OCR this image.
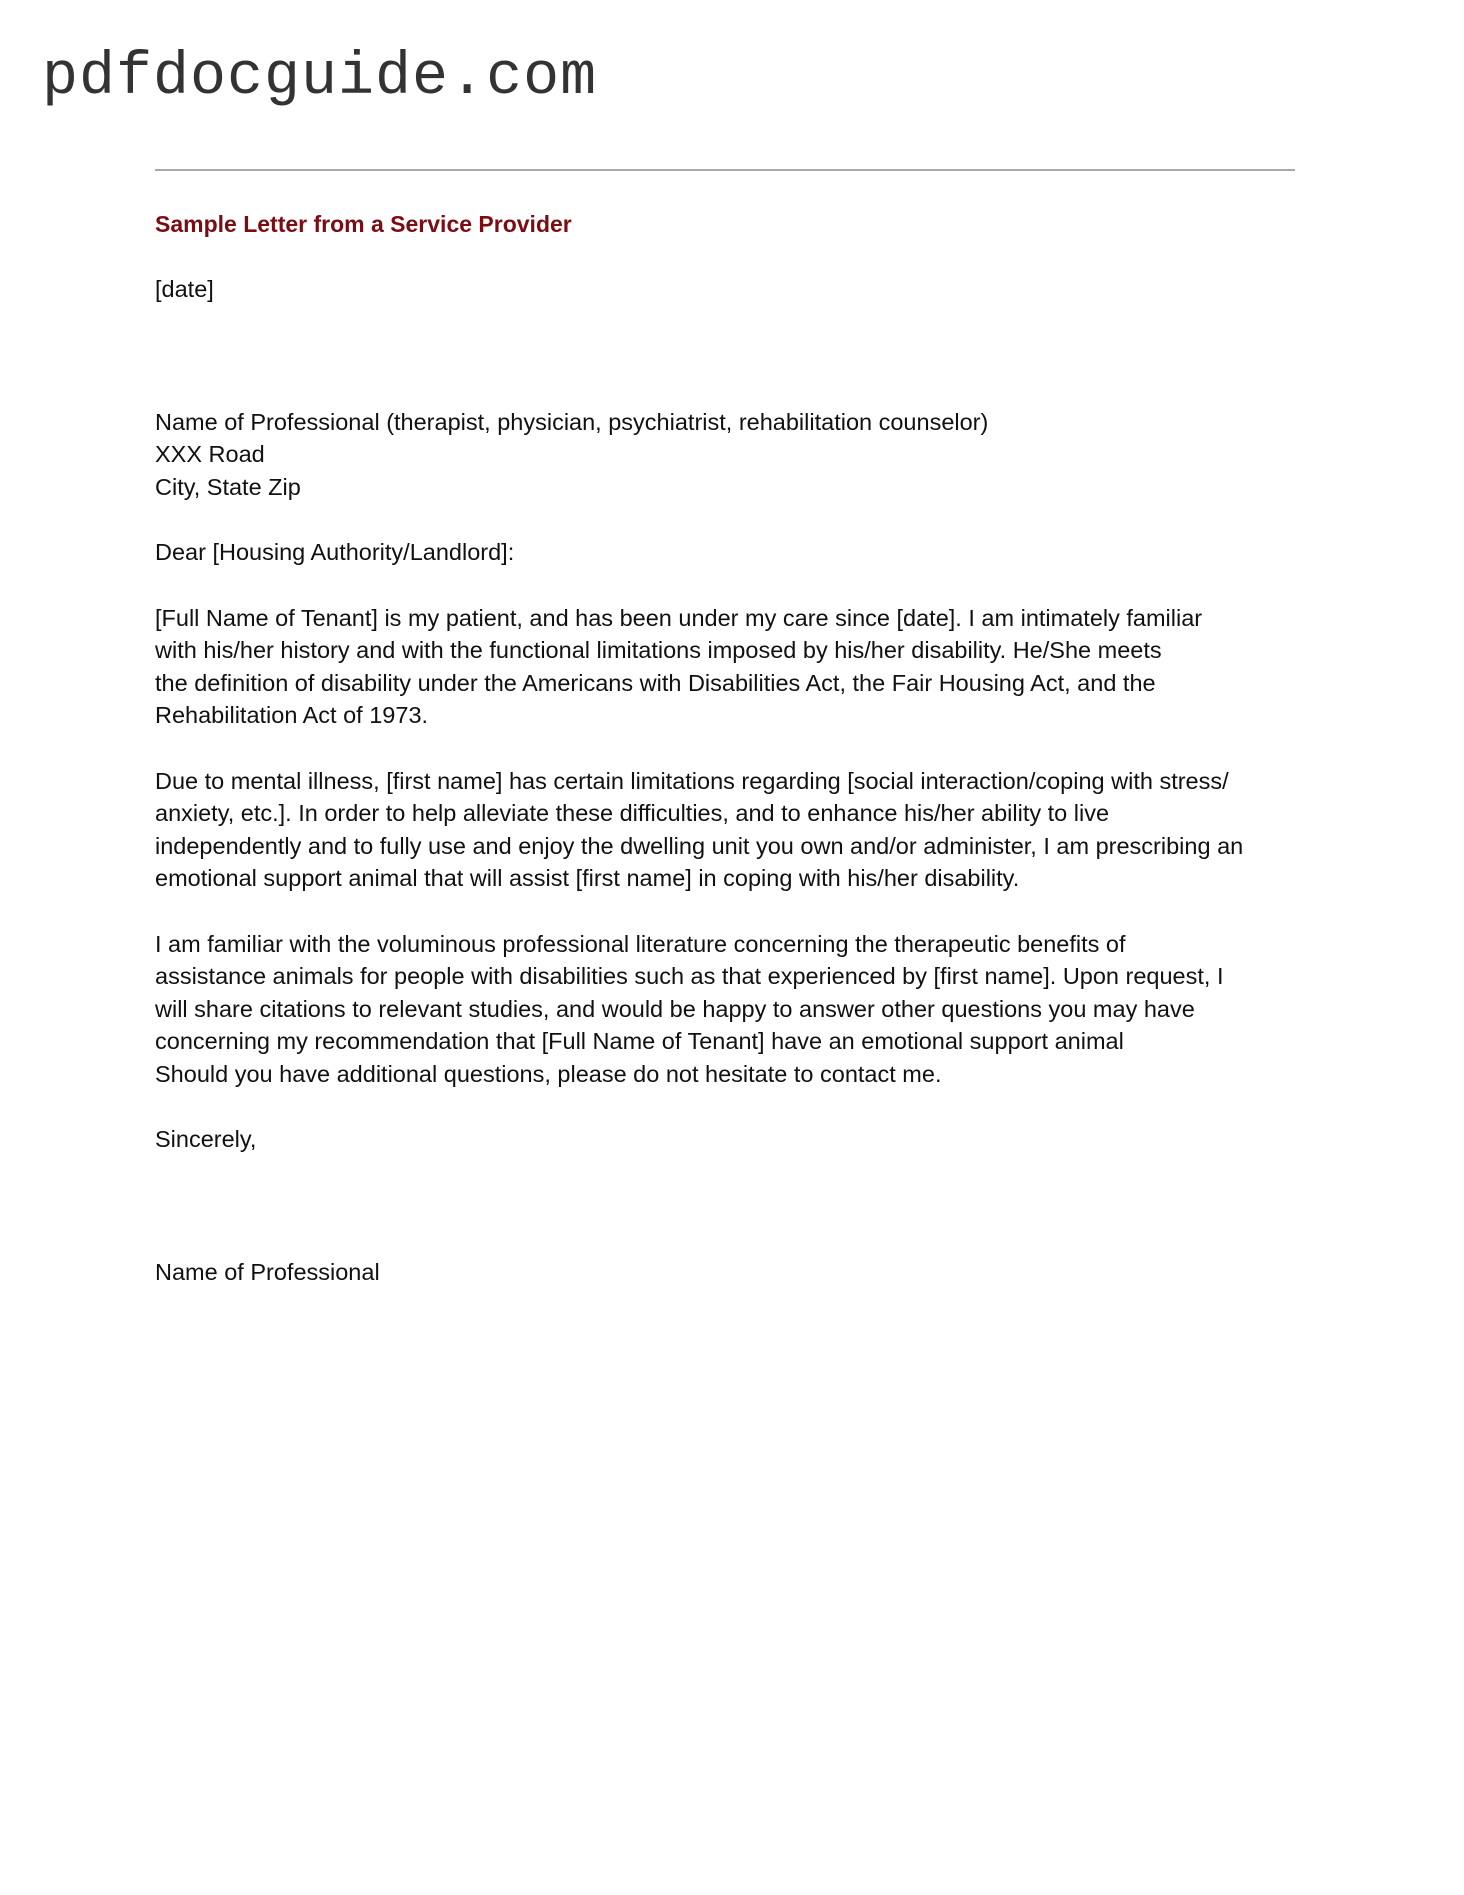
pdfdocguide.com
Sample Letter from a Service Provider
[date]
Name of Professional (therapist, physician, psychiatrist, rehabilitation counselor)
XXX Road
City, State Zip
Dear [Housing Authority/Landlord]:
[Full Name of Tenant] is my patient, and has been under my care since [date]. I am intimately familiar
with his/her history and with the functional limitations imposed by his/her disability. He/She meets
the definition of disability under the Americans with Disabilities Act, the Fair Housing Act, and the
Rehabilitation Act of 1973.
Due to mental illness, [first name] has certain limitations regarding [social interaction/coping with stress/
anxiety, etc.]. In order to help alleviate these difficulties, and to enhance his/her ability to live
independently and to fully use and enjoy the dwelling unit you own and/or administer, I am prescribing an
emotional support animal that will assist [first name] in coping with his/her disability.
I am familiar with the voluminous professional literature concerning the therapeutic benefits of
assistance animals for people with disabilities such as that experienced by [first name]. Upon request, I
will share citations to relevant studies, and would be happy to answer other questions you may have
concerning my recommendation that [Full Name of Tenant] have an emotional support animal
Should you have additional questions, please do not hesitate to contact me.
Sincerely,
Name of Professional
